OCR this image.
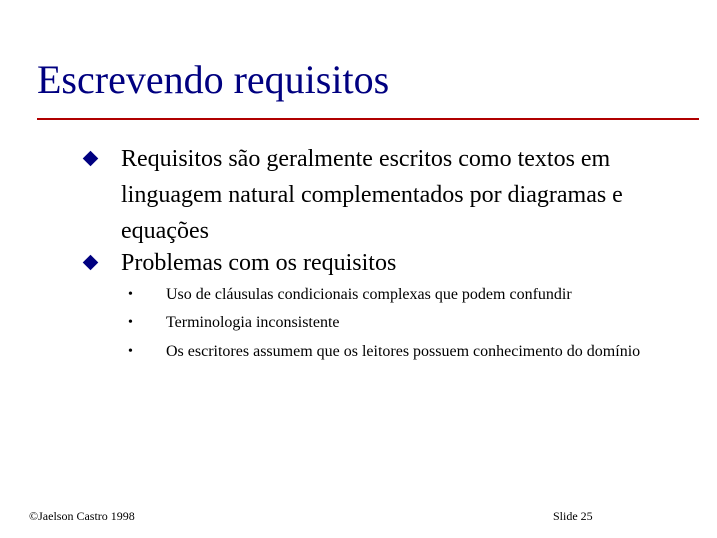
Escrevendo requisitos
Requisitos são geralmente escritos como textos em linguagem natural complementados por diagramas e equações
Problemas com os requisitos
• Uso de cláusulas condicionais complexas que podem confundir
• Terminologia inconsistente
• Os escritores assumem que os leitores possuem conhecimento do domínio
©Jaelson Castro 1998	Slide 25
